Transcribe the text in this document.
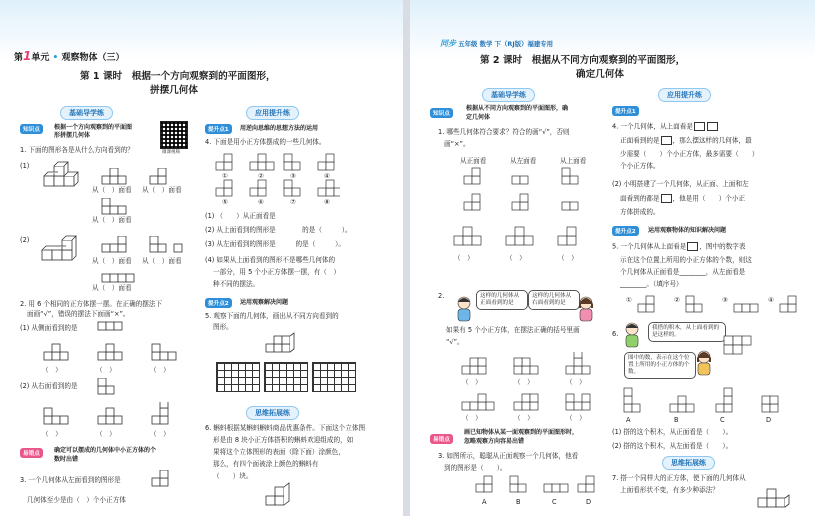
第1单元 • 观察物体（三）
第 1 课时　根据一个方向观察到的平面图形，
拼摆几何体
基础导学练	应用提升练
知识点	根据一个方向观察到的平面图
形拼摆几何体
微课视频
1. 下面的图形各是从什么方向看到的？
(1)
从（　）面看 从（　）面看
从（　）面看
(2)
从（　）面看 从（　）面看
从（　）面看
2. 用 6 个相同的正方体摆一摆。在正确的摆法下
面画“√”，错误的摆法下面画“×”。
(1) 从侧面看到的是
（　）	（　）	（　）
(2) 从右面看到的是
（　）	（　）	（　）
易错点	确定可以摆成的几何体中小正方体的个
数时出错
3. 一个几何体从左面看到的图形是
几何体至少是由（　）个小正方体
提升点1	用逆向思维的思想方法的运用
4. 下面是用小正方体摆成的一些几何体。
①	②	③	④
⑤	⑥	⑦	⑧
(1) （　　）从正面看是
(2) 从上面看到的图形是　　　　的是（　　　）。
(3) 从左面看到的图形是　　　的是（　　　）。
(4) 如果从上面看到的图形不是哪些几何体的
一部分，用 5 个小正方体摆一摆，有（　）
种不同的摆法。
提升点2	运用观察解决问题
5. 观察下面的几何体，画出从不同方向看到的
图形。
思维拓展练
6. 蝌蚪根据某蝌蚪蝌蚪商品优惠条件。下面这个立体图
形是由 8 块小正方体搭积的蝌蚪欢迎组成的，如
果将这个立体图形的表面（除下面）涂颜色，
那么，有四个面被涂上颜色的蝌蚪有
（　　）块。
同步 五年级 数学 下（RJ版）福建专用
第 2 课时　根据从不同方向观察到的平面图形，
确定几何体
基础导学练	应用提升练
知识点
根据从不同方向观察到的平面图形，确
定几何体
1. 哪些几何体符合要求？符合的画“√”，否则
画“×”。
从正面看	从左面看	从上面看
（　）	（　）	（　）
2.	这样的几何体从正面看到的是
这样的几何体从右面看到的是
如果有 5 个小正方体，在摆法正确的括号里画
“√”。
（　）	（　）	（　）
（　）	（　）	（　）
易错点
画已知物体从某一面观察到的平面图形时，
忽略观察方向容易出错
3. 如图所示，聪聪从正面观察一个几何体，他看
到的图形是（　　）。
A	B	C	D
提升点1
4. 一个几何体，从上面看是
正面看到的是 ，那么摆这样的几何体，最
少需要（　　）个小正方体，最多需要（　　）
个小正方体。
(2) 小明搭建了一个几何体，从正面、上面和左
面看到的都是 ，他是用（　　）个小正
方体拼成的。
提升点2	运用观察物体的知识解决问题
5. 一个几何体从上面看是 ，图中的数字表
示在这个位置上所用的小正方体的个数，则这
个几何体从正面看是________，从左面看是
________。（填序号）
①	②	③	④
6.
我搭的积木，从上面看到的是这样的。
图中的数，表示在这个位置上所用的小正方体的个数。
A	B	C	D
(1) 搭的这个积木，从正面看是（　　）。
(2) 搭的这个积木，从左面看是（　　）。
思维拓展练
7. 搭一个同样大的正方体，使下面的几何体从
上面看形状不变，有多少种添法？
